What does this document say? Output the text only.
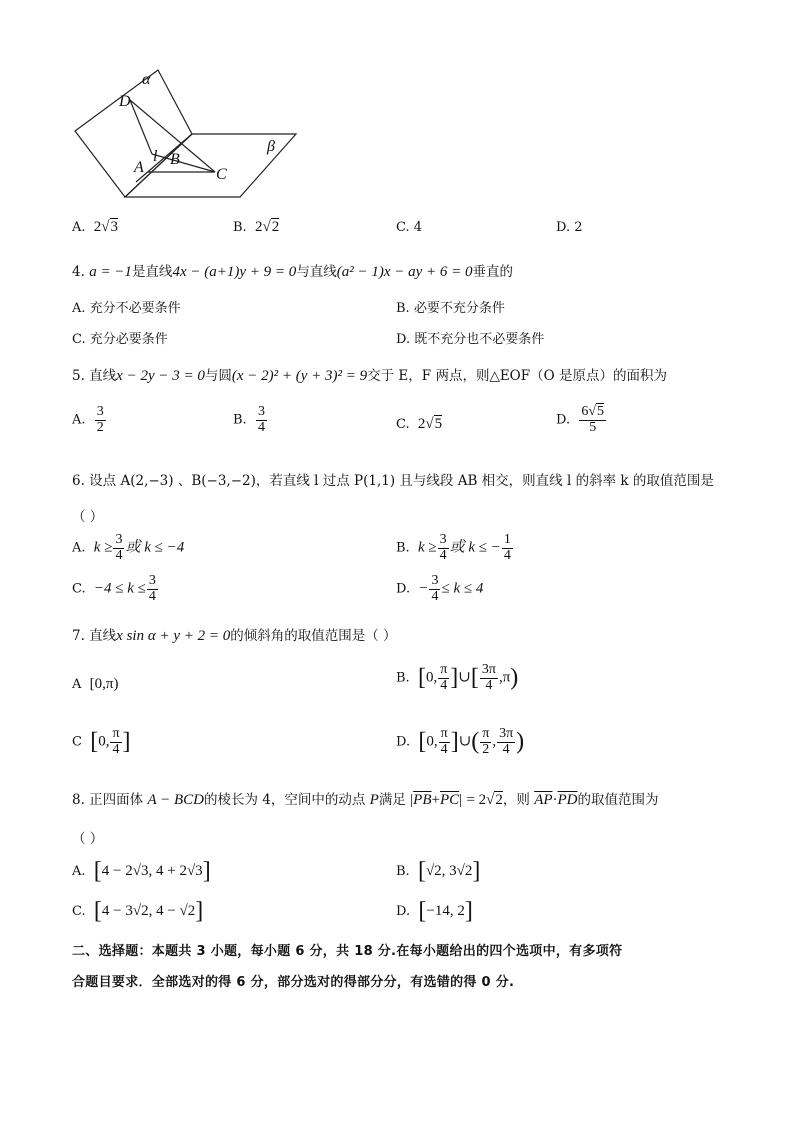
α
D
l B
A	C
β
A. 2√3	B. 2√2	C. 4	D. 2
4. a = −1是直线4x − (a+1)y + 9 = 0与直线(a² − 1)x − ay + 6 = 0垂直的
A. 充分不必要条件	B. 必要不充分条件
C. 充分必要条件	D. 既不充分也不必要条件
5. 直线x − 2y − 3 = 0与圆(x − 2)² + (y + 3)² = 9交于 E，F 两点，则△EOF（O 是原点）的面积为
A. $\frac{3}{2}$	B. $\frac{3}{4}$	C. 2√5	D. $\frac{6√5}{5}$
6. 设点 A(2,−3) 、B(−3,−2)，若直线 l 过点 P(1,1) 且与线段 AB 相交，则直线 l 的斜率 k 的取值范围是
（ ）
A. $k \ge \frac{3}{4}$ 或 k ≤ −4	B. $k \ge \frac{3}{4}$ 或 k ≤ − $\frac{1}{4}$
C. $-4 \le k \le \frac{3}{4}$	D. − $\frac{3}{4} \le k \le 4$
7. 直线x sin α + y + 2 = 0的倾斜角的取值范围是（ ）
A [0,π)	B. [0, $\frac{\pi}{4}$ ]∪[ $\frac{3\pi}{4} ,\pi$)
C [0, $\frac{\pi}{4}$ ]	D. [0, $\frac{\pi}{4}$ ]∪( $\frac{\pi}{2}$ , $\frac{3\pi}{4}$ )
8. 正四面体 A − BCD的棱长为 4，空间中的动点 P满足 $|\overline{PB}+\overline{PC}| = 2√2$，则 $\overline{AP}\cdot\overline{PD}$的取值范围为
（ ）
A. [4 − 2√3, 4 + 2√3]	B. [√2, 3√2]
C. [4 − 3√2, 4 − √2]	D. [−14, 2]
二、选择题：本题共 3 小题，每小题 6 分，共 18 分.在每小题给出的四个选项中，有多项符
合题目要求．全部选对的得 6 分，部分选对的得部分分，有选错的得 0 分.
